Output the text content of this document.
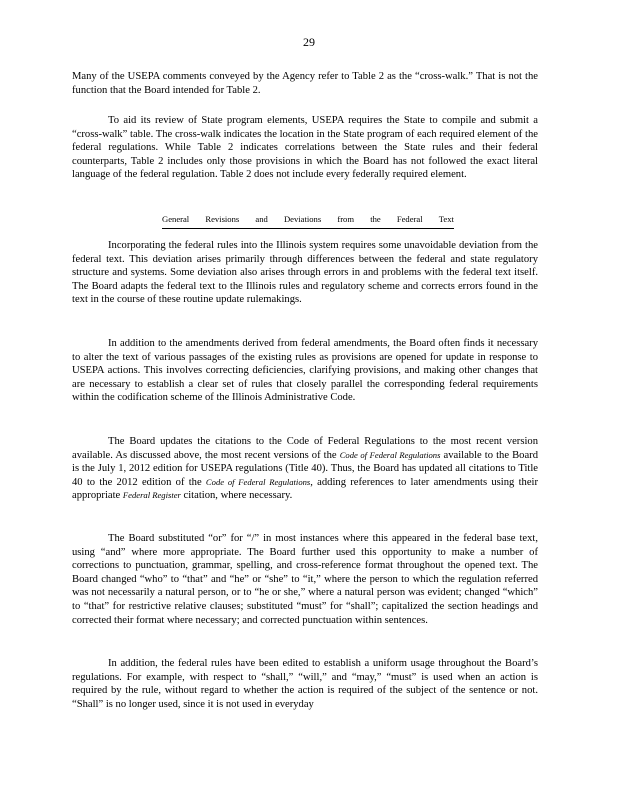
29

Many of the USEPA comments conveyed by the Agency refer to Table 2 as the “cross-walk.” That is not the function that the Board intended for Table 2.

To aid its review of State program elements, USEPA requires the State to compile and submit a “cross-walk” table. The cross-walk indicates the location in the State program of each required element of the federal regulations. While Table 2 indicates correlations between the State rules and their federal counterparts, Table 2 includes only those provisions in which the Board has not followed the exact literal language of the federal regulation. Table 2 does not include every federally required element.

General Revisions and Deviations from the Federal Text

Incorporating the federal rules into the Illinois system requires some unavoidable deviation from the federal text. This deviation arises primarily through differences between the federal and state regulatory structure and systems. Some deviation also arises through errors in and problems with the federal text itself. The Board adapts the federal text to the Illinois rules and regulatory scheme and corrects errors found in the text in the course of these routine update rulemakings.

In addition to the amendments derived from federal amendments, the Board often finds it necessary to alter the text of various passages of the existing rules as provisions are opened for update in response to USEPA actions. This involves correcting deficiencies, clarifying provisions, and making other changes that are necessary to establish a clear set of rules that closely parallel the corresponding federal requirements within the codification scheme of the Illinois Administrative Code.

The Board updates the citations to the Code of Federal Regulations to the most recent version available. As discussed above, the most recent versions of the Code of Federal Regulations available to the Board is the July 1, 2012 edition for USEPA regulations (Title 40). Thus, the Board has updated all citations to Title 40 to the 2012 edition of the Code of Federal Regulations, adding references to later amendments using their appropriate Federal Register citation, where necessary.

The Board substituted “or” for “/” in most instances where this appeared in the federal base text, using “and” where more appropriate. The Board further used this opportunity to make a number of corrections to punctuation, grammar, spelling, and cross-reference format throughout the opened text. The Board changed “who” to “that” and “he” or “she” to “it,” where the person to which the regulation referred was not necessarily a natural person, or to “he or she,” where a natural person was evident; changed “which” to “that” for restrictive relative clauses; substituted “must” for “shall”; capitalized the section headings and corrected their format where necessary; and corrected punctuation within sentences.

In addition, the federal rules have been edited to establish a uniform usage throughout the Board’s regulations. For example, with respect to “shall,” “will,” and “may,” “must” is used when an action is required by the rule, without regard to whether the action is required of the subject of the sentence or not. “Shall” is no longer used, since it is not used in everyday
